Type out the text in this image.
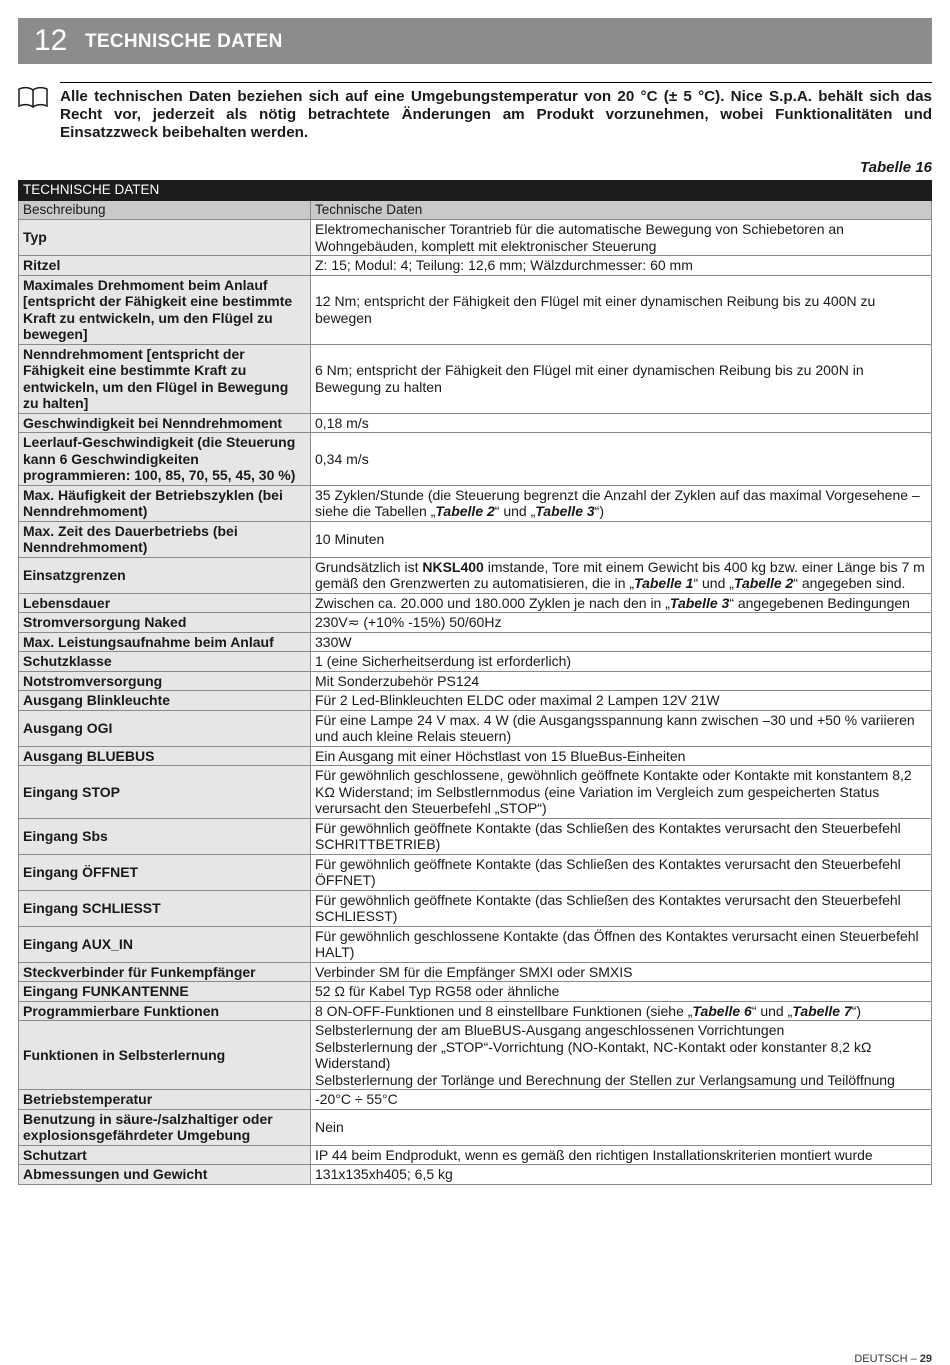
12 TECHNISCHE DATEN
Alle technischen Daten beziehen sich auf eine Umgebungstemperatur von 20 °C (± 5 °C). Nice S.p.A. behält sich das Recht vor, jederzeit als nötig betrachtete Änderungen am Produkt vorzunehmen, wobei Funktionalitäten und Einsatzzweck beibehalten werden.
Tabelle 16
TECHNISCHE DATEN	
Beschreibung	Technische Daten
Typ	Elektromechanischer Torantrieb für die automatische Bewegung von Schiebetoren an Wohngebäuden, komplett mit elektronischer Steuerung
Ritzel	Z: 15; Modul: 4; Teilung: 12,6 mm; Wälzdurchmesser: 60 mm
Maximales Drehmoment beim Anlauf [entspricht der Fähigkeit eine bestimmte Kraft zu entwickeln, um den Flügel zu bewegen]	12 Nm; entspricht der Fähigkeit den Flügel mit einer dynamischen Reibung bis zu 400N zu bewegen
Nenndrehmoment [entspricht der Fähigkeit eine bestimmte Kraft zu entwickeln, um den Flügel in Bewegung zu halten]	6 Nm; entspricht der Fähigkeit den Flügel mit einer dynamischen Reibung bis zu 200N in Bewegung zu halten
Geschwindigkeit bei Nenndrehmoment	0,18 m/s
Leerlauf-Geschwindigkeit (die Steuerung kann 6 Geschwindigkeiten programmieren: 100, 85, 70, 55, 45, 30 %)	0,34 m/s
Max. Häufigkeit der Betriebszyklen (bei Nenndrehmoment)	35 Zyklen/Stunde (die Steuerung begrenzt die Anzahl der Zyklen auf das maximal Vorgesehene – siehe die Tabellen „Tabelle 2“ und „Tabelle 3“)
Max. Zeit des Dauerbetriebs (bei Nenndrehmoment)	10 Minuten
Einsatzgrenzen	Grundsätzlich ist NKSL400 imstande, Tore mit einem Gewicht bis 400 kg bzw. einer Länge bis 7 m gemäß den Grenzwerten zu automatisieren, die in „Tabelle 1“ und „Tabelle 2“ angegeben sind.
Lebensdauer	Zwischen ca. 20.000 und 180.000 Zyklen je nach den in „Tabelle 3“ angegebenen Bedingungen
Stromversorgung Naked	230V≂ (+10% -15%) 50/60Hz
Max. Leistungsaufnahme beim Anlauf	330W
Schutzklasse	1 (eine Sicherheitserdung ist erforderlich)
Notstromversorgung	Mit Sonderzubehör PS124
Ausgang Blinkleuchte	Für 2 Led-Blinkleuchten ELDC oder maximal 2 Lampen 12V 21W
Ausgang OGI	Für eine Lampe 24 V max. 4 W (die Ausgangsspannung kann zwischen –30 und +50 % variieren und auch kleine Relais steuern)
Ausgang BLUEBUS	Ein Ausgang mit einer Höchstlast von 15 BlueBus-Einheiten
Eingang STOP	Für gewöhnlich geschlossene, gewöhnlich geöffnete Kontakte oder Kontakte mit konstantem 8,2 KΩ Widerstand; im Selbstlernmodus (eine Variation im Vergleich zum gespeicherten Status verursacht den Steuerbefehl „STOP“)
Eingang Sbs	Für gewöhnlich geöffnete Kontakte (das Schließen des Kontaktes verursacht den Steuerbefehl SCHRITTBETRIEB)
Eingang ÖFFNET	Für gewöhnlich geöffnete Kontakte (das Schließen des Kontaktes verursacht den Steuerbefehl ÖFFNET)
Eingang SCHLIESST	Für gewöhnlich geöffnete Kontakte (das Schließen des Kontaktes verursacht den Steuerbefehl SCHLIESST)
Eingang AUX_IN	Für gewöhnlich geschlossene Kontakte (das Öffnen des Kontaktes verursacht einen Steuerbefehl HALT)
Steckverbinder für Funkempfänger	Verbinder SM für die Empfänger SMXI oder SMXIS
Eingang FUNKANTENNE	52 Ω für Kabel Typ RG58 oder ähnliche
Programmierbare Funktionen	8 ON-OFF-Funktionen und 8 einstellbare Funktionen (siehe „Tabelle 6“ und „Tabelle 7“)
Funktionen in Selbsterlernung	Selbsterlernung der am BlueBUS-Ausgang angeschlossenen Vorrichtungen
Selbsterlernung der „STOP“-Vorrichtung (NO-Kontakt, NC-Kontakt oder konstanter 8,2 kΩ Widerstand)
Selbsterlernung der Torlänge und Berechnung der Stellen zur Verlangsamung und Teilöffnung

Betriebstemperatur	-20°C ÷ 55°C
Benutzung in säure-/salzhaltiger oder explosionsgefährdeter Umgebung	Nein
Schutzart	IP 44 beim Endprodukt, wenn es gemäß den richtigen Installationskriterien montiert wurde
Abmessungen und Gewicht	131x135xh405; 6,5 kg
DEUTSCH – 29
